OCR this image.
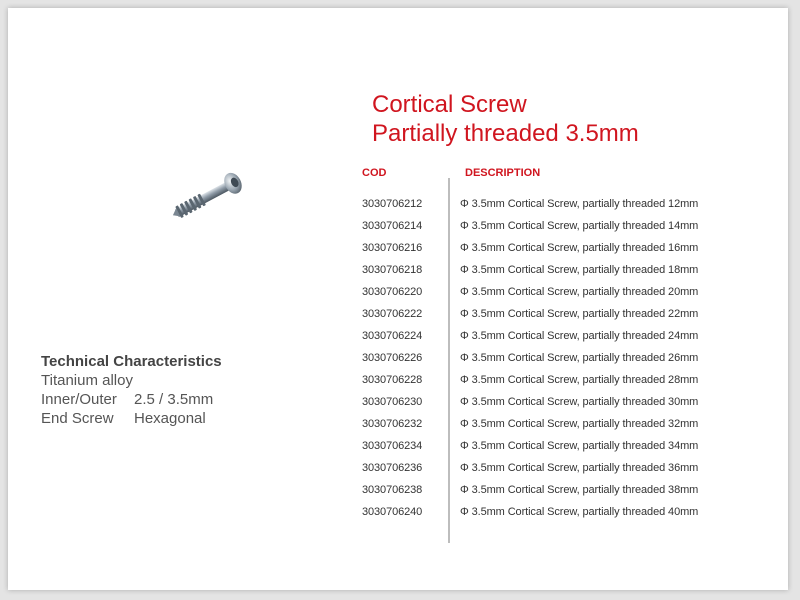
Cortical Screw
Partially threaded 3.5mm
Technical Characteristics
Titanium alloy
Inner/Outer	2.5 / 3.5mm
End Screw	Hexagonal
COD	DESCRIPTION
3030706212	Φ 3.5mm Cortical Screw, partially threaded 12mm
3030706214	Φ 3.5mm Cortical Screw, partially threaded 14mm
3030706216	Φ 3.5mm Cortical Screw, partially threaded 16mm
3030706218	Φ 3.5mm Cortical Screw, partially threaded 18mm
3030706220	Φ 3.5mm Cortical Screw, partially threaded 20mm
3030706222	Φ 3.5mm Cortical Screw, partially threaded 22mm
3030706224	Φ 3.5mm Cortical Screw, partially threaded 24mm
3030706226	Φ 3.5mm Cortical Screw, partially threaded 26mm
3030706228	Φ 3.5mm Cortical Screw, partially threaded 28mm
3030706230	Φ 3.5mm Cortical Screw, partially threaded 30mm
3030706232	Φ 3.5mm Cortical Screw, partially threaded 32mm
3030706234	Φ 3.5mm Cortical Screw, partially threaded 34mm
3030706236	Φ 3.5mm Cortical Screw, partially threaded 36mm
3030706238	Φ 3.5mm Cortical Screw, partially threaded 38mm
3030706240	Φ 3.5mm Cortical Screw, partially threaded 40mm
